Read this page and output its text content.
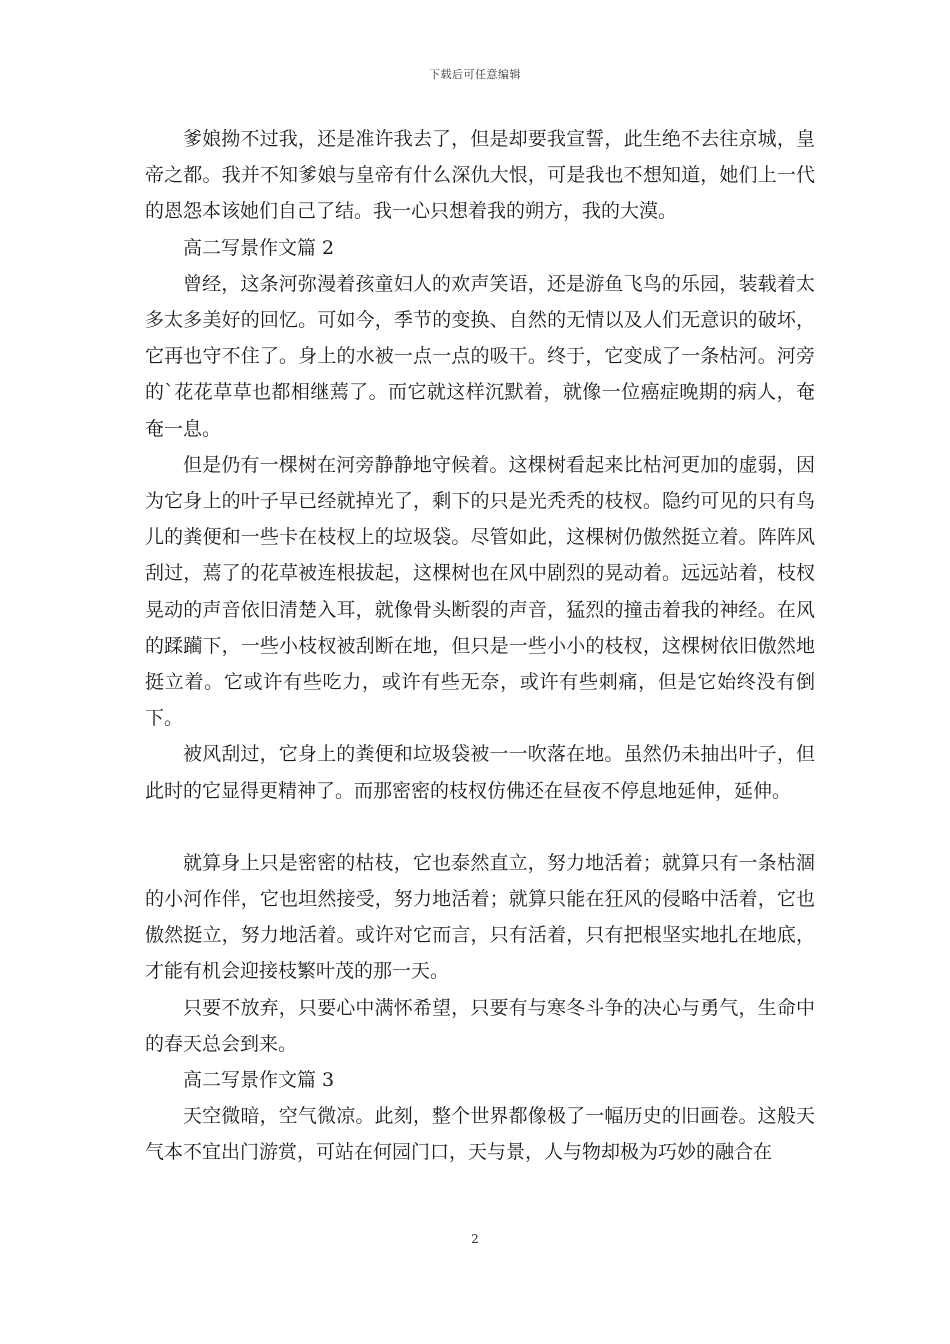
下载后可任意编辑

爹娘拗不过我，还是准许我去了，但是却要我宣誓，此生绝不去往京城，皇帝之都。我并不知爹娘与皇帝有什么深仇大恨，可是我也不想知道，她们上一代的恩怨本该她们自己了结。我一心只想着我的朔方，我的大漠。

高二写景作文篇 2

曾经，这条河弥漫着孩童妇人的欢声笑语，还是游鱼飞鸟的乐园，装载着太多太多美好的回忆。可如今，季节的变换、自然的无情以及人们无意识的破坏，它再也守不住了。身上的水被一点一点的吸干。终于，它变成了一条枯河。河旁的`花花草草也都相继蔫了。而它就这样沉默着，就像一位癌症晚期的病人，奄奄一息。

但是仍有一棵树在河旁静静地守候着。这棵树看起来比枯河更加的虚弱，因为它身上的叶子早已经就掉光了，剩下的只是光秃秃的枝杈。隐约可见的只有鸟儿的粪便和一些卡在枝杈上的垃圾袋。尽管如此，这棵树仍傲然挺立着。阵阵风刮过，蔫了的花草被连根拔起，这棵树也在风中剧烈的晃动着。远远站着，枝杈晃动的声音依旧清楚入耳，就像骨头断裂的声音，猛烈的撞击着我的神经。在风的蹂躏下，一些小枝杈被刮断在地，但只是一些小小的枝杈，这棵树依旧傲然地挺立着。它或许有些吃力，或许有些无奈，或许有些刺痛，但是它始终没有倒下。

被风刮过，它身上的粪便和垃圾袋被一一吹落在地。虽然仍未抽出叶子，但此时的它显得更精神了。而那密密的枝杈仿佛还在昼夜不停息地延伸，延伸。

就算身上只是密密的枯枝，它也泰然直立，努力地活着；就算只有一条枯涸的小河作伴，它也坦然接受，努力地活着；就算只能在狂风的侵略中活着，它也傲然挺立，努力地活着。或许对它而言，只有活着，只有把根坚实地扎在地底，才能有机会迎接枝繁叶茂的那一天。

只要不放弃，只要心中满怀希望，只要有与寒冬斗争的决心与勇气，生命中的春天总会到来。

高二写景作文篇 3

天空微暗，空气微凉。此刻，整个世界都像极了一幅历史的旧画卷。这般天气本不宜出门游赏，可站在何园门口，天与景，人与物却极为巧妙的融合在

2
